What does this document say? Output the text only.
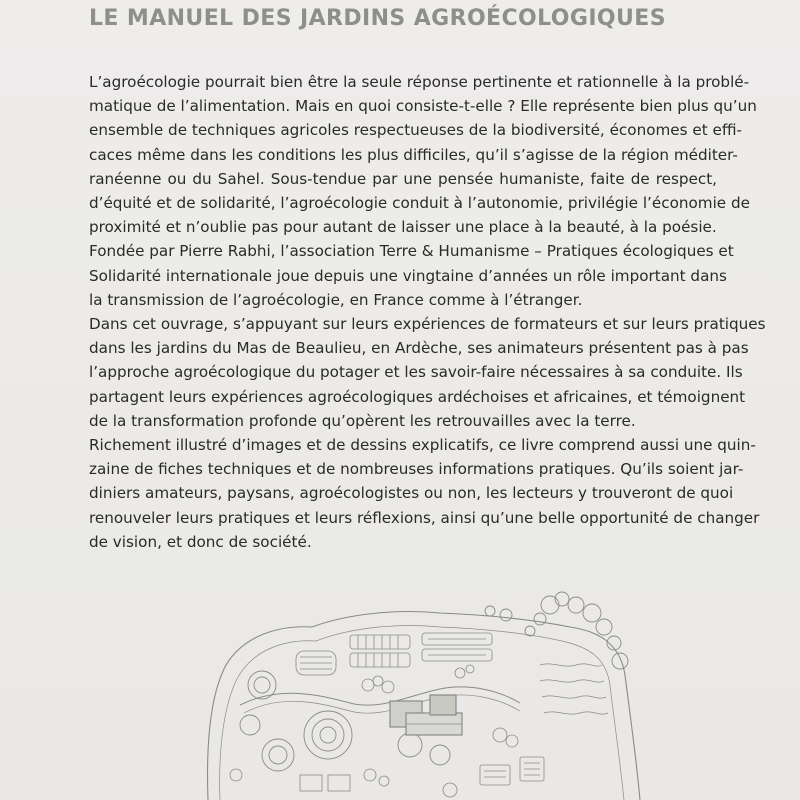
LE MANUEL DES JARDINS AGROÉCOLOGIQUES
L’agroécologie pourrait bien être la seule réponse pertinente et rationnelle à la problé-
matique de l’alimentation. Mais en quoi consiste-t-elle ? Elle représente bien plus qu’un
ensemble de techniques agricoles respectueuses de la biodiversité, économes et effi-
caces même dans les conditions les plus difficiles, qu’il s’agisse de la région méditer-
ranéenne ou du Sahel. Sous-tendue par une pensée humaniste, faite de respect,
d’équité et de solidarité, l’agroécologie conduit à l’autonomie, privilégie l’économie de
proximité et n’oublie pas pour autant de laisser une place à la beauté, à la poésie.
Fondée par Pierre Rabhi, l’association Terre & Humanisme – Pratiques écologiques et
Solidarité internationale joue depuis une vingtaine d’années un rôle important dans
la transmission de l’agroécologie, en France comme à l’étranger.
Dans cet ouvrage, s’appuyant sur leurs expériences de formateurs et sur leurs pratiques
dans les jardins du Mas de Beaulieu, en Ardèche, ses animateurs présentent pas à pas
l’approche agroécologique du potager et les savoir-faire nécessaires à sa conduite. Ils
partagent leurs expériences agroécologiques ardéchoises et africaines, et témoignent
de la transformation profonde qu’opèrent les retrouvailles avec la terre.
Richement illustré d’images et de dessins explicatifs, ce livre comprend aussi une quin-
zaine de fiches techniques et de nombreuses informations pratiques. Qu’ils soient jar-
diniers amateurs, paysans, agroécologistes ou non, les lecteurs y trouveront de quoi
renouveler leurs pratiques et leurs réflexions, ainsi qu’une belle opportunité de changer
de vision, et donc de société.
